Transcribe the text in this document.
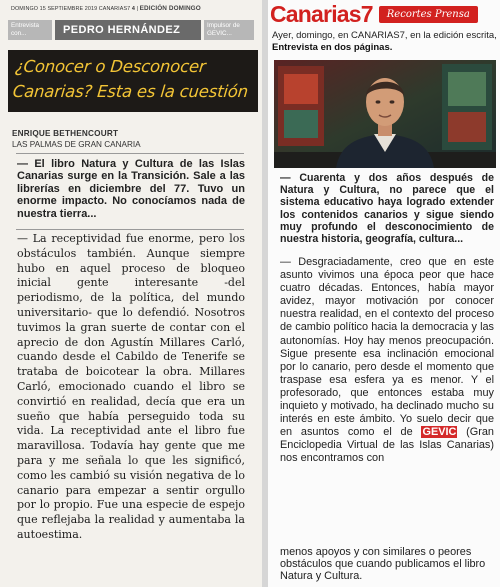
DOMINGO 15 SEPTIEMBRE 2019 CANARIAS7 4 | EDICIÓN DOMINGO
Entrevista con...	PEDRO HERNÁNDEZ	Impulsor de GEVIC...
¿Conocer o Desconocer Canarias? Esta es la cuestión
ENRIQUE BETHENCOURT
LAS PALMAS DE GRAN CANARIA
— El libro Natura y Cultura de las Islas Canarias surge en la Transición. Sale a las librerías en diciembre del 77. Tuvo un enorme impacto. No conocíamos nada de nuestra tierra...
— La receptividad fue enorme, pero los obstáculos también. Aunque siempre hubo en aquel proceso de bloqueo inicial gente interesante -del periodismo, de la política, del mundo universitario- que lo defendió. Nosotros tuvimos la gran suerte de contar con el aprecio de don Agustín Millares Carló, cuando desde el Cabildo de Tenerife se trataba de boicotear la obra. Millares Carló, emocionado cuando el libro se convirtió en realidad, decía que era un sueño que había perseguido toda su vida. La receptividad ante el libro fue maravillosa. Todavía hay gente que me para y me señala lo que les significó, como les cambió su visión negativa de lo canario para empezar a sentir orgullo por lo propio. Fue una especie de espejo que reflejaba la realidad y aumentaba la autoestima.
Canarias7	Recortes Prensa
Ayer, domingo, en CANARIAS7, en la edición escrita, Entrevista en dos páginas.
— Cuarenta y dos años después de Natura y Cultura, no parece que el sistema educativo haya logrado extender los contenidos canarios y sigue siendo muy profundo el desconocimiento de nuestra historia, geografía, cultura...
— Desgraciadamente, creo que en este asunto vivimos una época peor que hace cuatro décadas. Entonces, había mayor avidez, mayor motivación por conocer nuestra realidad, en el contexto del proceso de cambio político hacia la democracia y las autonomías. Hoy hay menos preocupación. Sigue presente esa inclinación emocional por lo canario, pero desde el momento que traspase esa esfera ya es menor. Y el profesorado, que entonces estaba muy inquieto y motivado, ha declinado mucho su interés en este ámbito. Yo suelo decir que en asuntos como el de GEVIC (Gran Enciclopedia Virtual de las Islas Canarias) nos encontramos con
menos apoyos y con similares o peores obstáculos que cuando publicamos el libro Natura y Cultura.
